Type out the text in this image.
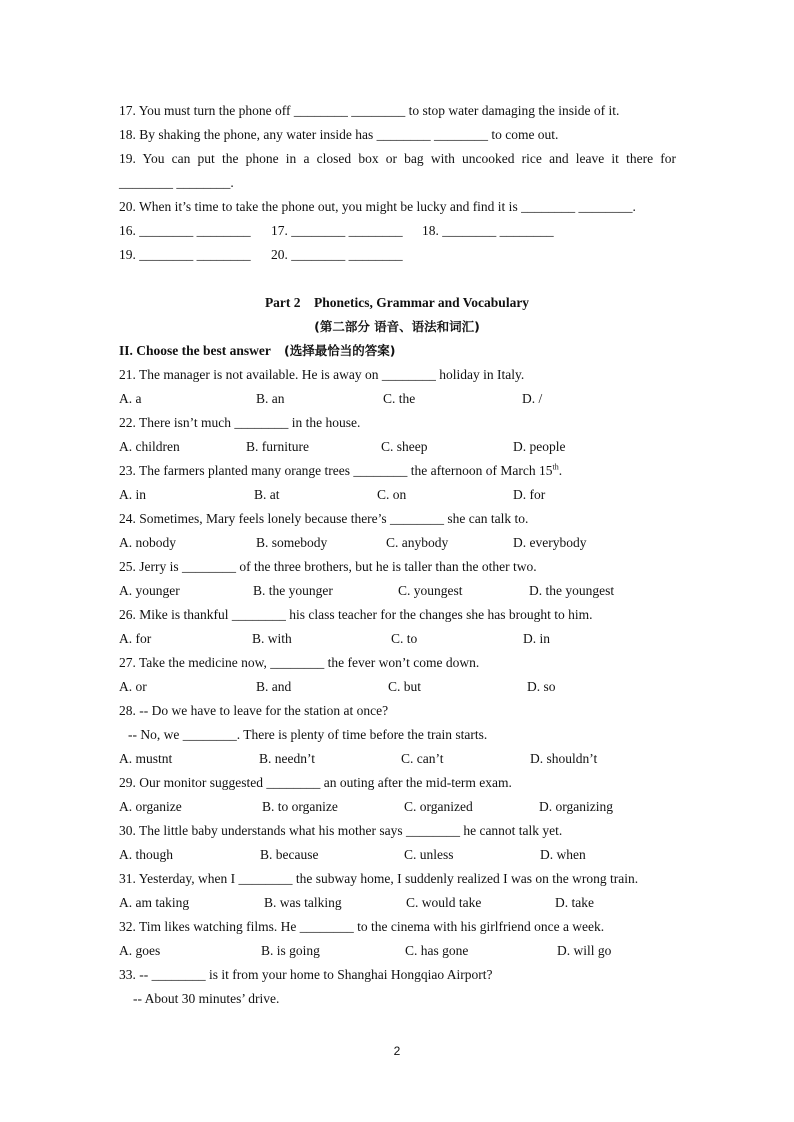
17. You must turn the phone off ________ ________ to stop water damaging the inside of it.
18. By shaking the phone, any water inside has ________ ________ to come out.
19. You can put the phone in a closed box or bag with uncooked rice and leave it there for
________ ________.
20. When it’s time to take the phone out, you might be lucky and find it is ________ ________.
16. ________ ________ 17. ________ ________ 18. ________ ________
19. ________ ________ 20. ________ ________
Part 2    Phonetics, Grammar and Vocabulary
(第二部分 语音、语法和词汇)
II. Choose the best answer (选择最恰当的答案)
21. The manager is not available. He is away on ________ holiday in Italy.
A. a	B. an	C. the	D. /
22. There isn’t much ________ in the house.
A. children	B. furniture	C. sheep	D. people
23. The farmers planted many orange trees ________ the afternoon of March 15th.
A. in	B. at	C. on	D. for
24. Sometimes, Mary feels lonely because there’s ________ she can talk to.
A. nobody	B. somebody	C. anybody	D. everybody
25. Jerry is ________ of the three brothers, but he is taller than the other two.
A. younger	B. the younger	C. youngest	D. the youngest
26. Mike is thankful ________ his class teacher for the changes she has brought to him.
A. for	B. with	C. to	D. in
27. Take the medicine now, ________ the fever won’t come down.
A. or	B. and	C. but	D. so
28. -- Do we have to leave for the station at once?
-- No, we ________. There is plenty of time before the train starts.
A. mustnt	B. needn’t	C. can’t	D. shouldn’t
29. Our monitor suggested ________ an outing after the mid-term exam.
A. organize	B. to organize	C. organized	D. organizing
30. The little baby understands what his mother says ________ he cannot talk yet.
A. though	B. because	C. unless	D. when
31. Yesterday, when I ________ the subway home, I suddenly realized I was on the wrong train.
A. am taking	B. was talking	C. would take	D. take
32. Tim likes watching films. He ________ to the cinema with his girlfriend once a week.
A. goes	B. is going	C. has gone	D. will go
33. -- ________ is it from your home to Shanghai Hongqiao Airport?
-- About 30 minutes’ drive.
2
